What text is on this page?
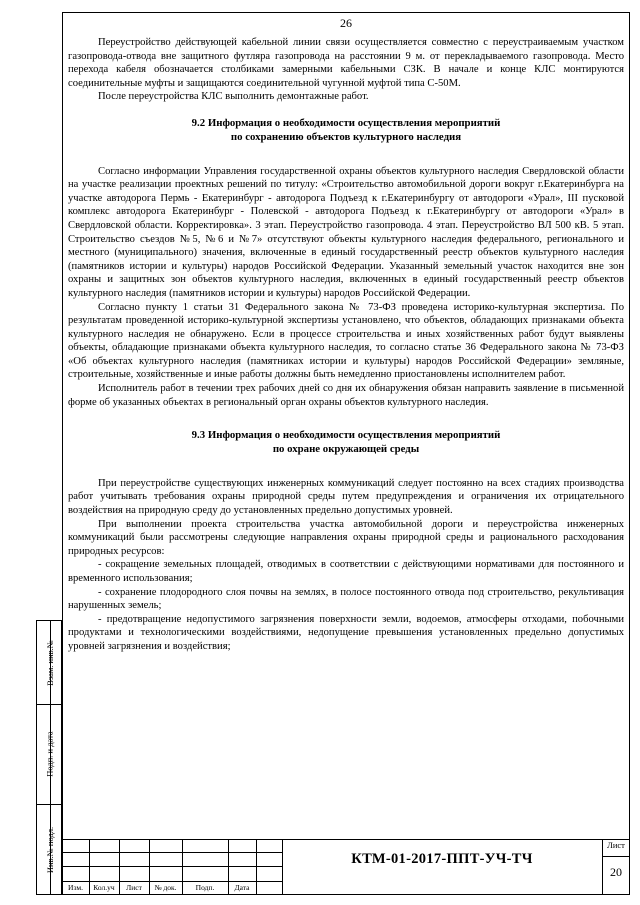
26

Переустройство действующей кабельной линии связи осуществляется совместно с переустраиваемым участком газопровода-отвода вне защитного футляра газопровода на расстоянии 9 м. от перекладываемого газопровода. Место перехода кабеля обозначается столбиками замерными кабельными СЗК. В начале и конце КЛС монтируются соединительные муфты и защищаются соединительной чугунной муфтой типа С-50М.

После переустройства КЛС выполнить демонтажные работ.

9.2 Информация о необходимости осуществления мероприятий
по сохранению объектов культурного наследия

Согласно информации Управления государственной охраны объектов культурного наследия Свердловской области на участке реализации проектных решений по титулу: «Строительство автомобильной дороги вокруг г.Екатеринбурга на участке автодорога Пермь - Екатеринбург - автодорога Подъезд к г.Екатеринбургу от автодороги «Урал», III пусковой комплекс автодорога Екатеринбург - Полевской - автодорога Подъезд к г.Екатеринбургу от автодороги «Урал» в Свердловской области. Корректировка». 3 этап. Переустройство газопровода. 4 этап. Переустройство ВЛ 500 кВ. 5 этап. Строительство съездов №5, №6 и №7» отсутствуют объекты культурного наследия федерального, регионального и местного (муниципального) значения, включенные в единый государственный реестр объектов культурного наследия (памятников истории и культуры) народов Российской Федерации. Указанный земельный участок находится вне зон охраны и защитных зон объектов культурного наследия, включенных в единый государственный реестр объектов культурного наследия (памятников истории и культуры) народов Российской Федерации.

Согласно пункту 1 статьи 31 Федерального закона № 73-ФЗ проведена историко-культурная экспертиза. По результатам проведенной историко-культурной экспертизы установлено, что объектов, обладающих признаками объекта культурного наследия не обнаружено. Если в процессе строительства и иных хозяйственных работ будут выявлены объекты, обладающие признаками объекта культурного наследия, то согласно статье 36 Федерального закона № 73-ФЗ «Об объектах культурного наследия (памятниках истории и культуры) народов Российской Федерации» земляные, строительные, хозяйственные и иные работы должны быть немедленно приостановлены исполнителем работ.

Исполнитель работ в течении трех рабочих дней со дня их обнаружения обязан направить заявление в письменной форме об указанных объектах в региональный орган охраны объектов культурного наследия.

9.3 Информация о необходимости осуществления мероприятий
по охране окружающей среды

При переустройстве существующих инженерных коммуникаций следует постоянно на всех стадиях производства работ учитывать требования охраны природной среды путем предупреждения и ограничения их отрицательного воздействия на природную среду до установленных предельно допустимых уровней.

При выполнении проекта строительства участка автомобильной дороги и переустройства инженерных коммуникаций были рассмотрены следующие направления охраны природной среды и рационального расходования природных ресурсов:

- сокращение земельных площадей, отводимых в соответствии с действующими нормативами для постоянного и временного использования;

- сохранение плодородного слоя почвы на землях, в полосе постоянного отвода под строительство, рекультивация нарушенных земель;

- предотвращение недопустимого загрязнения поверхности земли, водоемов, атмосферы отходами, побочными продуктами и технологическими воздействиями, недопущение превышения установленных предельно допустимых уровней загрязнения и воздействия;

Взам. инв.№
Подп. и дата
Инв.№ подл.
Изм.	Кол.уч	Лист	№ док.	Подп.	Дата
КТМ-01-2017-ППТ-УЧ-ТЧ
Лист
20
